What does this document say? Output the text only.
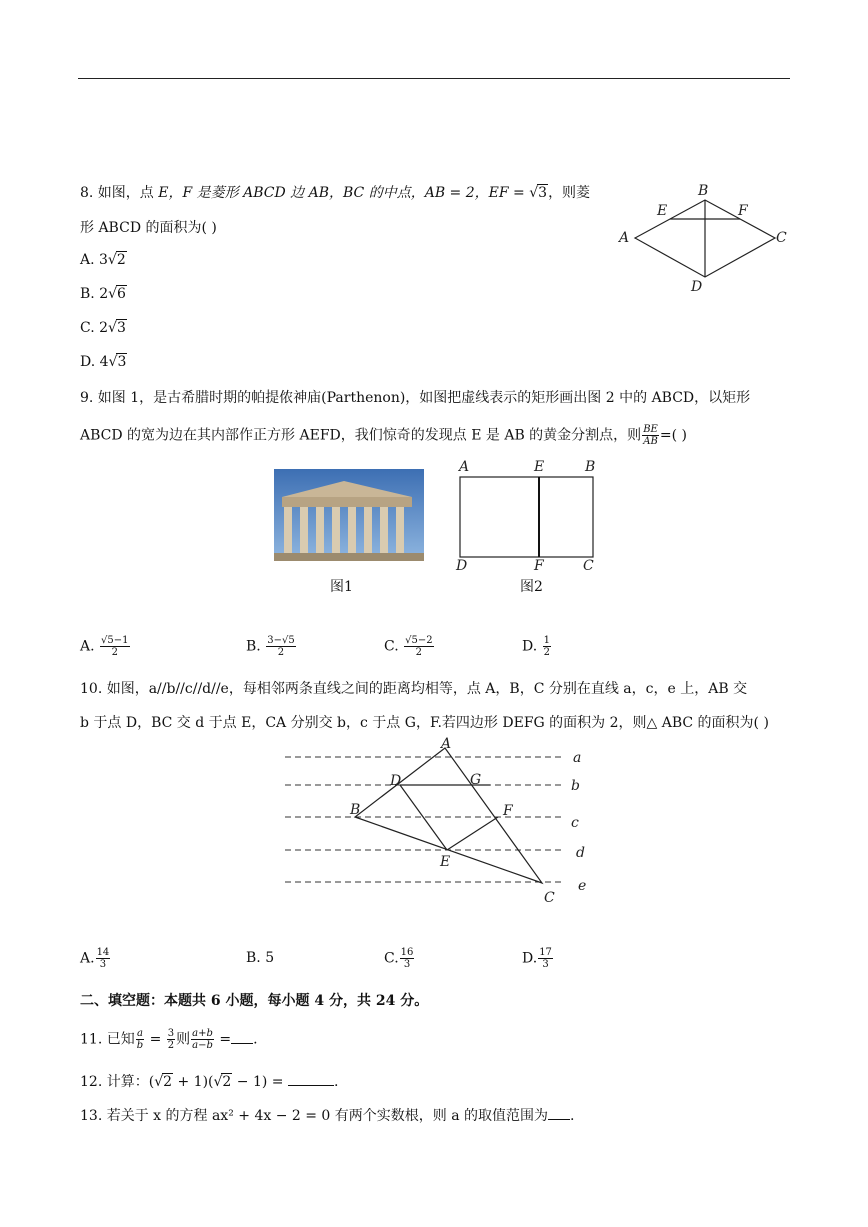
8. 如图，点 E，F 是菱形 ABCD 边 AB，BC 的中点，AB = 2，EF = √3，则菱
形 ABCD 的面积为( )
A. 3√2
B. 2√6
C. 2√3
D. 4√3
A
B
C
D
E	F
9. 如图 1，是古希腊时期的帕提侬神庙(Parthenon)，如图把虚线表示的矩形画出图 2 中的 ABCD，以矩形
ABCD 的宽为边在其内部作正方形 AEFD，我们惊奇的发现点 E 是 AB 的黄金分割点，则 $\frac{BE}{AB}$ =( )
图1
A	E	B
D	F	C
图2
A. $\frac{√5-1}{2}$	B. $\frac{3-√5}{2}$	C. $\frac{√5-2}{2}$	D. $\frac{1}{2}$
10. 如图，a//b//c//d//e，每相邻两条直线之间的距离均相等，点 A，B，C 分别在直线 a，c，e 上，AB 交
b 于点 D，BC 交 d 于点 E，CA 分别交 b，c 于点 G，F.若四边形 DEFG 的面积为 2，则△ ABC 的面积为( )
A
B
C
D
E
F
G
a
b
c
d
e
A. $\frac{14}{3}$	B. 5	C. $\frac{16}{3}$	D. $\frac{17}{3}$
二、填空题：本题共 6 小题，每小题 4 分，共 24 分。
11. 已知 $\frac{a}{b} = \frac{3}{2}$ 则 $\frac{a+b}{a-b}$ = .
12. 计算：(√2 + 1)(√2 − 1) =	.
13. 若关于 x 的方程 ax² + 4x − 2 = 0 有两个实数根，则 a 的取值范围为 .
